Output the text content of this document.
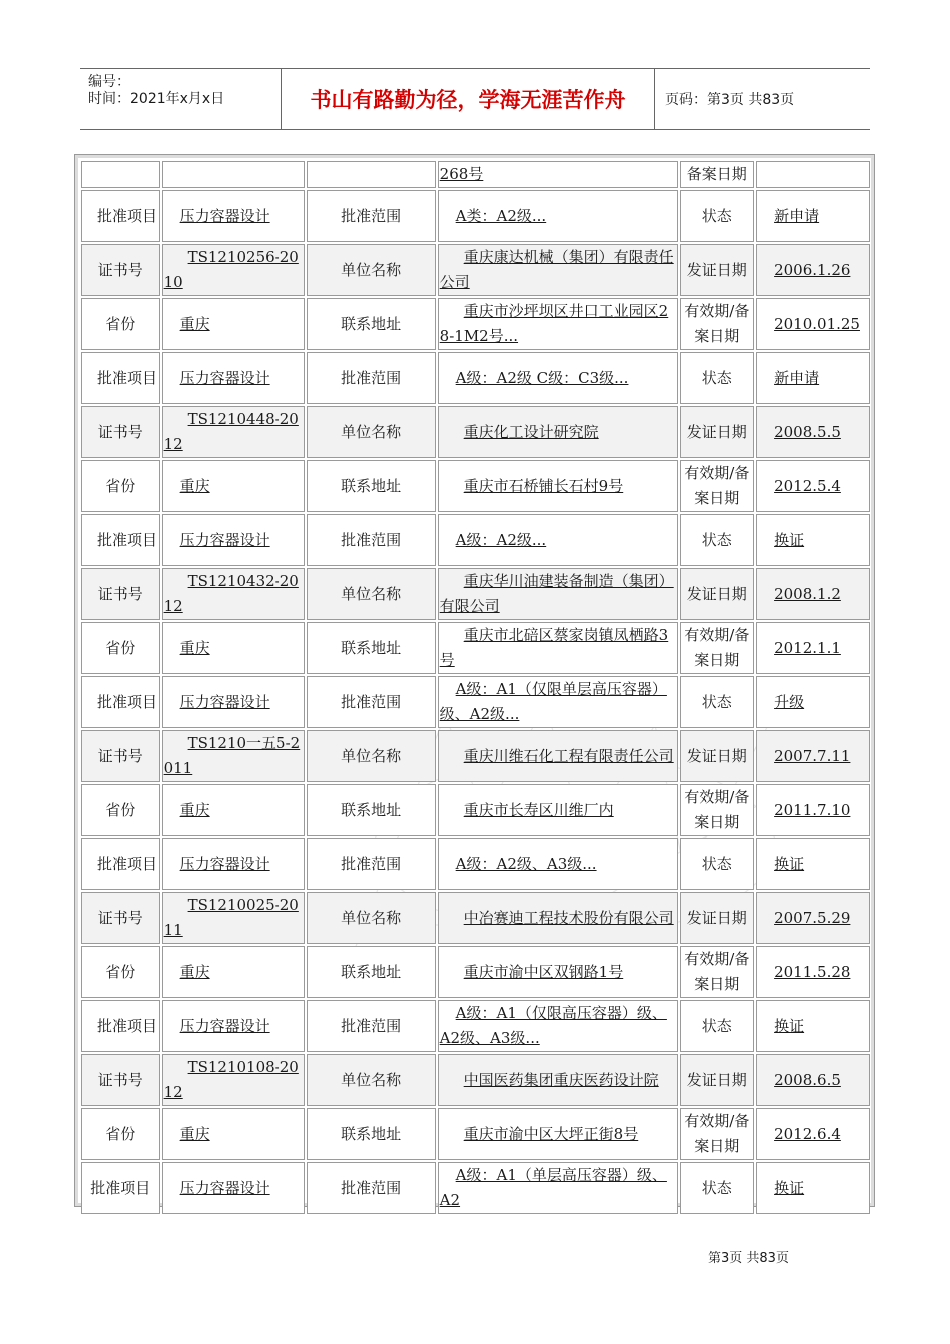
编号：
时间：2021年x月x日	书山有路勤为径，学海无涯苦作舟	页码：第3页 共83页
			268号	备案日期	
批准项目	压力容器设计	批准范围	A类：A2级...	状态	新申请
证书号	TS1210256-2010	单位名称	重庆康达机械（集团）有限责任公司	发证日期	2006.1.26
省份	重庆	联系地址	重庆市沙坪坝区井口工业园区28-1M2号...	有效期/备案日期	2010.01.25
批准项目	压力容器设计	批准范围	A级：A2级 C级：C3级...	状态	新申请
证书号	TS1210448-2012	单位名称	重庆化工设计研究院	发证日期	2008.5.5
省份	重庆	联系地址	重庆市石桥铺长石村9号	有效期/备案日期	2012.5.4
批准项目	压力容器设计	批准范围	A级：A2级...	状态	换证
证书号	TS1210432-2012	单位名称	重庆华川油建装备制造（集团）有限公司	发证日期	2008.1.2
省份	重庆	联系地址	重庆市北碚区蔡家岗镇凤栖路3号	有效期/备案日期	2012.1.1
批准项目	压力容器设计	批准范围	A级：A1（仅限单层高压容器）级、A2级...	状态	升级
证书号	TS1210一五5-2011	单位名称	重庆川维石化工程有限责任公司	发证日期	2007.7.11
省份	重庆	联系地址	重庆市长寿区川维厂内	有效期/备案日期	2011.7.10
批准项目	压力容器设计	批准范围	A级：A2级、A3级...	状态	换证
证书号	TS1210025-2011	单位名称	中冶赛迪工程技术股份有限公司	发证日期	2007.5.29
省份	重庆	联系地址	重庆市渝中区双钢路1号	有效期/备案日期	2011.5.28
批准项目	压力容器设计	批准范围	A级：A1（仅限高压容器）级、A2级、A3级...	状态	换证
证书号	TS1210108-2012	单位名称	中国医药集团重庆医药设计院	发证日期	2008.6.5
省份	重庆	联系地址	重庆市渝中区大坪正街8号	有效期/备案日期	2012.6.4
批准项目	压力容器设计	批准范围	A级：A1（单层高压容器）级、A2	状态	换证
第3页 共83页
